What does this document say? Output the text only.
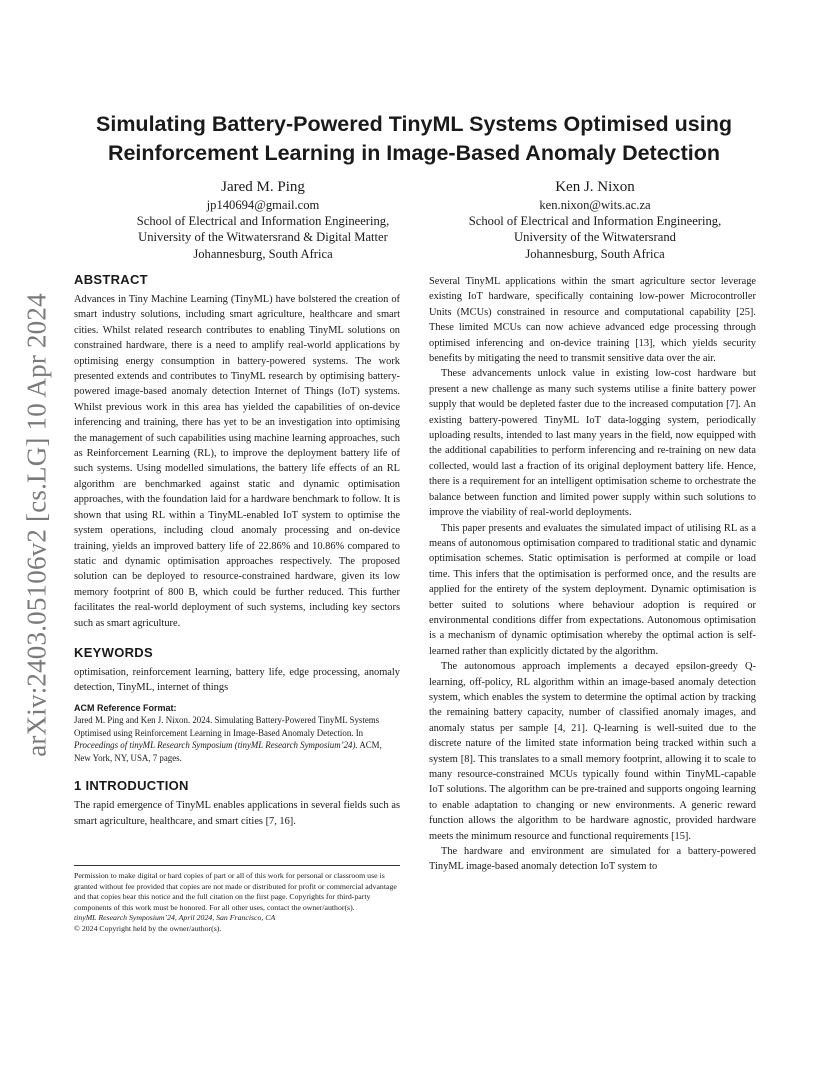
arXiv:2403.05106v2 [cs.LG] 10 Apr 2024
Simulating Battery-Powered TinyML Systems Optimised using Reinforcement Learning in Image-Based Anomaly Detection
Jared M. Ping
jp140694@gmail.com
School of Electrical and Information Engineering,
University of the Witwatersrand & Digital Matter
Johannesburg, South Africa
Ken J. Nixon
ken.nixon@wits.ac.za
School of Electrical and Information Engineering,
University of the Witwatersrand
Johannesburg, South Africa
ABSTRACT

Advances in Tiny Machine Learning (TinyML) have bolstered the creation of smart industry solutions, including smart agriculture, healthcare and smart cities. Whilst related research contributes to enabling TinyML solutions on constrained hardware, there is a need to amplify real-world applications by optimising energy consumption in battery-powered systems. The work presented extends and contributes to TinyML research by optimising battery-powered image-based anomaly detection Internet of Things (IoT) systems. Whilst previous work in this area has yielded the capabilities of on-device inferencing and training, there has yet to be an investigation into optimising the management of such capabilities using machine learning approaches, such as Reinforcement Learning (RL), to improve the deployment battery life of such systems. Using modelled simulations, the battery life effects of an RL algorithm are benchmarked against static and dynamic optimisation approaches, with the foundation laid for a hardware benchmark to follow. It is shown that using RL within a TinyML-enabled IoT system to optimise the system operations, including cloud anomaly processing and on-device training, yields an improved battery life of 22.86% and 10.86% compared to static and dynamic optimisation approaches respectively. The proposed solution can be deployed to resource-constrained hardware, given its low memory footprint of 800 B, which could be further reduced. This further facilitates the real-world deployment of such systems, including key sectors such as smart agriculture.

KEYWORDS

optimisation, reinforcement learning, battery life, edge processing, anomaly detection, TinyML, internet of things

ACM Reference Format:
Jared M. Ping and Ken J. Nixon. 2024. Simulating Battery-Powered TinyML Systems Optimised using Reinforcement Learning in Image-Based Anomaly Detection. In Proceedings of tinyML Research Symposium (tinyML Research Symposium’24). ACM, New York, NY, USA, 7 pages.
1 INTRODUCTION

The rapid emergence of TinyML enables applications in several fields such as smart agriculture, healthcare, and smart cities [7, 16].

Permission to make digital or hard copies of part or all of this work for personal or classroom use is granted without fee provided that copies are not made or distributed for profit or commercial advantage and that copies bear this notice and the full citation on the first page. Copyrights for third-party components of this work must be honored. For all other uses, contact the owner/author(s).
tinyML Research Symposium’24, April 2024, San Francisco, CA
© 2024 Copyright held by the owner/author(s).

Several TinyML applications within the smart agriculture sector leverage existing IoT hardware, specifically containing low-power Microcontroller Units (MCUs) constrained in resource and computational capability [25]. These limited MCUs can now achieve advanced edge processing through optimised inferencing and on-device training [13], which yields security benefits by mitigating the need to transmit sensitive data over the air.

These advancements unlock value in existing low-cost hardware but present a new challenge as many such systems utilise a finite battery power supply that would be depleted faster due to the increased computation [7]. An existing battery-powered TinyML IoT data-logging system, periodically uploading results, intended to last many years in the field, now equipped with the additional capabilities to perform inferencing and re-training on new data collected, would last a fraction of its original deployment battery life. Hence, there is a requirement for an intelligent optimisation scheme to orchestrate the balance between function and limited power supply within such solutions to improve the viability of real-world deployments.

This paper presents and evaluates the simulated impact of utilising RL as a means of autonomous optimisation compared to traditional static and dynamic optimisation schemes. Static optimisation is performed at compile or load time. This infers that the optimisation is performed once, and the results are applied for the entirety of the system deployment. Dynamic optimisation is better suited to solutions where behaviour adoption is required or environmental conditions differ from expectations. Autonomous optimisation is a mechanism of dynamic optimisation whereby the optimal action is self-learned rather than explicitly dictated by the algorithm.

The autonomous approach implements a decayed epsilon-greedy Q-learning, off-policy, RL algorithm within an image-based anomaly detection system, which enables the system to determine the optimal action by tracking the remaining battery capacity, number of classified anomaly images, and anomaly status per sample [4, 21]. Q-learning is well-suited due to the discrete nature of the limited state information being tracked within such a system [8]. This translates to a small memory footprint, allowing it to scale to many resource-constrained MCUs typically found within TinyML-capable IoT solutions. The algorithm can be pre-trained and supports ongoing learning to enable adaptation to changing or new environments. A generic reward function allows the algorithm to be hardware agnostic, provided hardware meets the minimum resource and functional requirements [15].

The hardware and environment are simulated for a battery-powered TinyML image-based anomaly detection IoT system to
